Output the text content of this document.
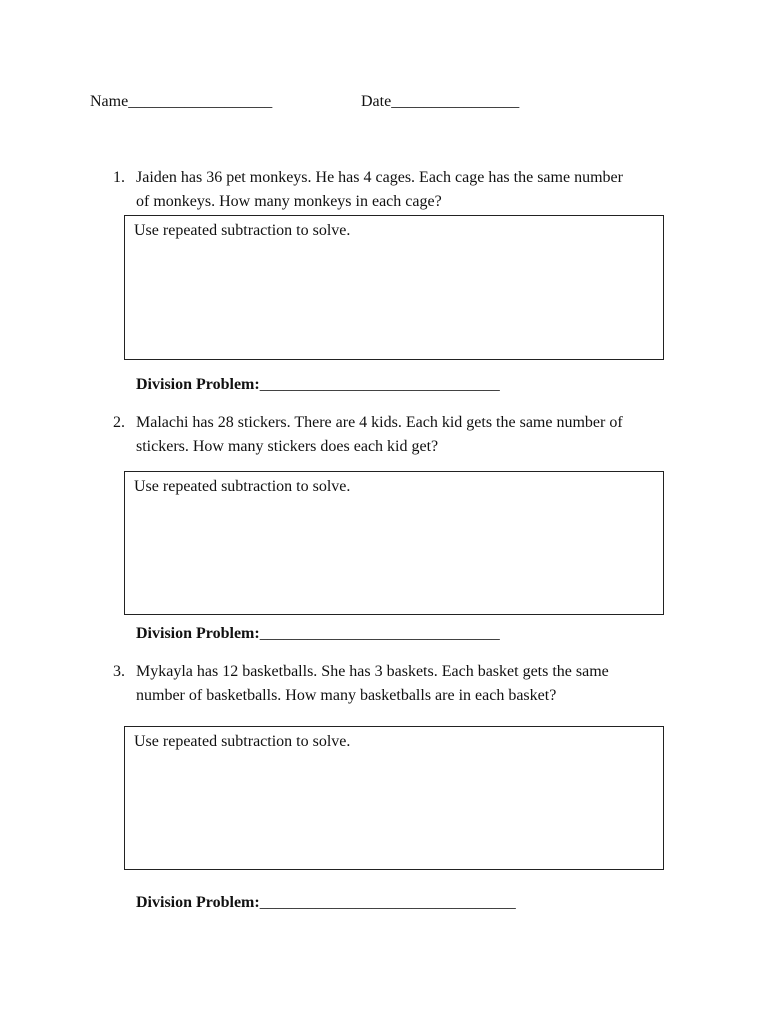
Name__________________	Date________________
1. Jaiden has 36 pet monkeys. He has 4 cages. Each cage has the same number
of monkeys. How many monkeys in each cage?
Use repeated subtraction to solve.
Division Problem:______________________________
2. Malachi has 28 stickers. There are 4 kids. Each kid gets the same number of
stickers. How many stickers does each kid get?
Use repeated subtraction to solve.
Division Problem:______________________________
3. Mykayla has 12 basketballs. She has 3 baskets. Each basket gets the same
number of basketballs. How many basketballs are in each basket?
Use repeated subtraction to solve.
Division Problem:________________________________
